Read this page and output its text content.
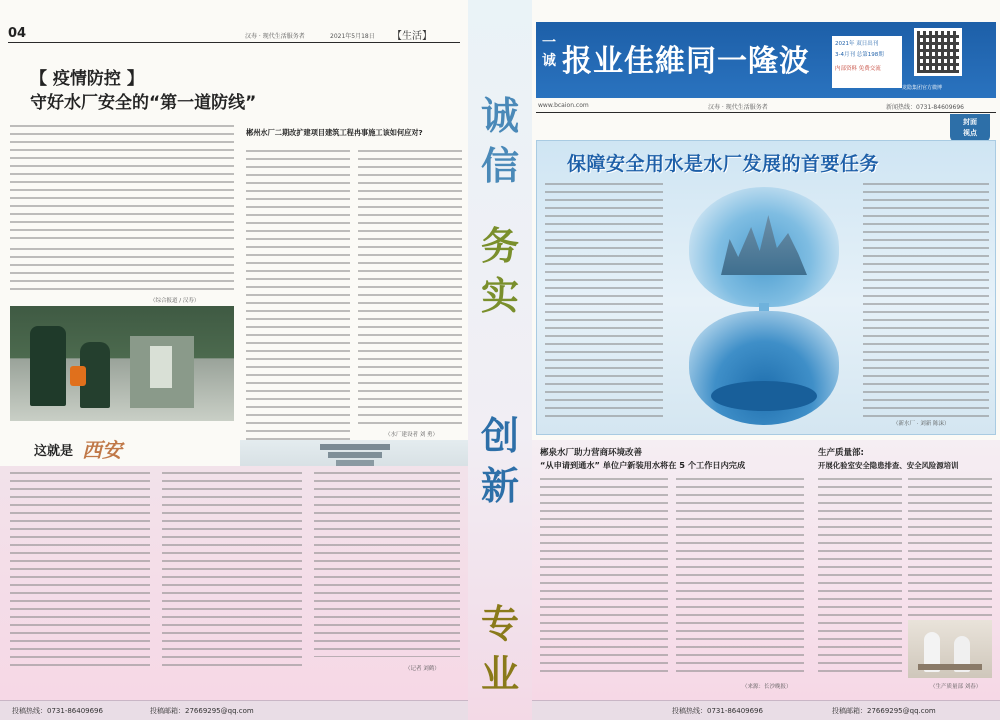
04	汉寿 · 现代生活服务者	2021年5月18日 【生活】
【 疫情防控 】
守好水厂安全的“第一道防线”
（综合报道 / 汉寿）
郴州水厂二期改扩建项目建筑工程冉事施工该如何应对?
（水厂建设者 刘 勇）
这就是 西安
（记者 刘鹤）
投稿热线：0731-86409696	投稿邮箱：27669295@qq.com
诚
信
务
实
创
新
专
业
一诚 报业佳維同一隆波	2021年 双日出刊
3-4月刊 总第198期
内部资料 免费交流
龙隐集团官方微博
www.bcaion.com	汉寿 · 现代生活服务者	新闻热线：0731-84609696
封面
视点
保障安全用水是水厂发展的首要任务
（新水厂 · 刘新 陈沫）
郴泉水厂助力营商环境改善
“从申请到通水” 单位户新装用水将在 5 个工作日内完成
（来源：长沙晚报）
生产质量部:
开展化验室安全隐患排查、安全风险源培训
（生产质量部 刘春）
投稿热线：0731-86409696	投稿邮箱：27669295@qq.com
